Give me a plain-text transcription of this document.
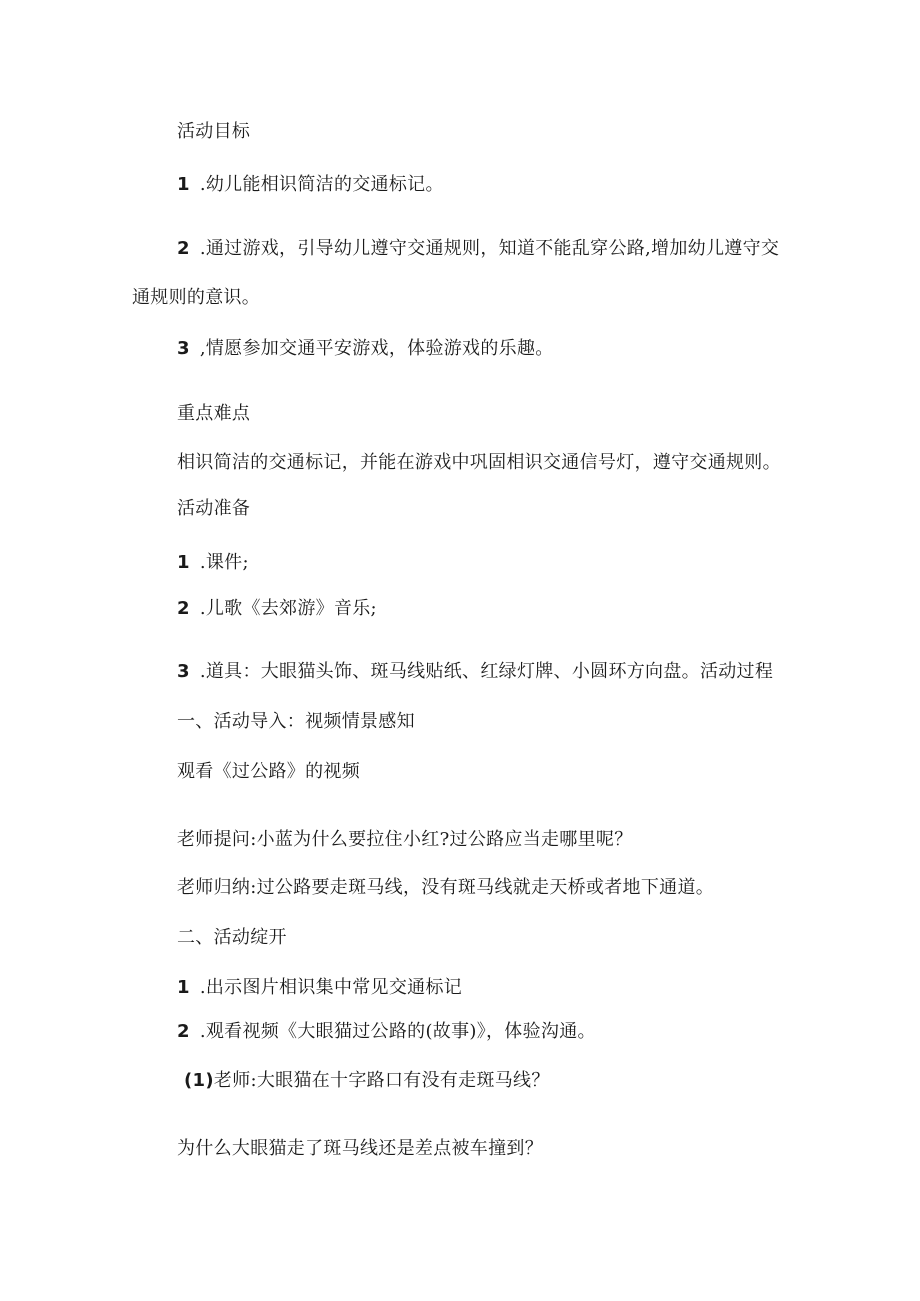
活动目标
1 .幼儿能相识简洁的交通标记。
2 .通过游戏，引导幼儿遵守交通规则，知道不能乱穿公路,增加幼儿遵守交
通规则的意识。
3 ,情愿参加交通平安游戏，体验游戏的乐趣。
重点难点
相识简洁的交通标记，并能在游戏中巩固相识交通信号灯，遵守交通规则。
活动准备
1 .课件;
2 .儿歌《去郊游》音乐;
3 .道具：大眼猫头饰、斑马线贴纸、红绿灯牌、小圆环方向盘。活动过程
一、活动导入：视频情景感知
观看《过公路》的视频
老师提问:小蓝为什么要拉住小红?过公路应当走哪里呢？
老师归纳:过公路要走斑马线，没有斑马线就走天桥或者地下通道。
二、活动绽开
1 .出示图片相识集中常见交通标记
2 .观看视频《大眼猫过公路的(故事)》，体验沟通。
(1)老师:大眼猫在十字路口有没有走斑马线？
为什么大眼猫走了斑马线还是差点被车撞到？
